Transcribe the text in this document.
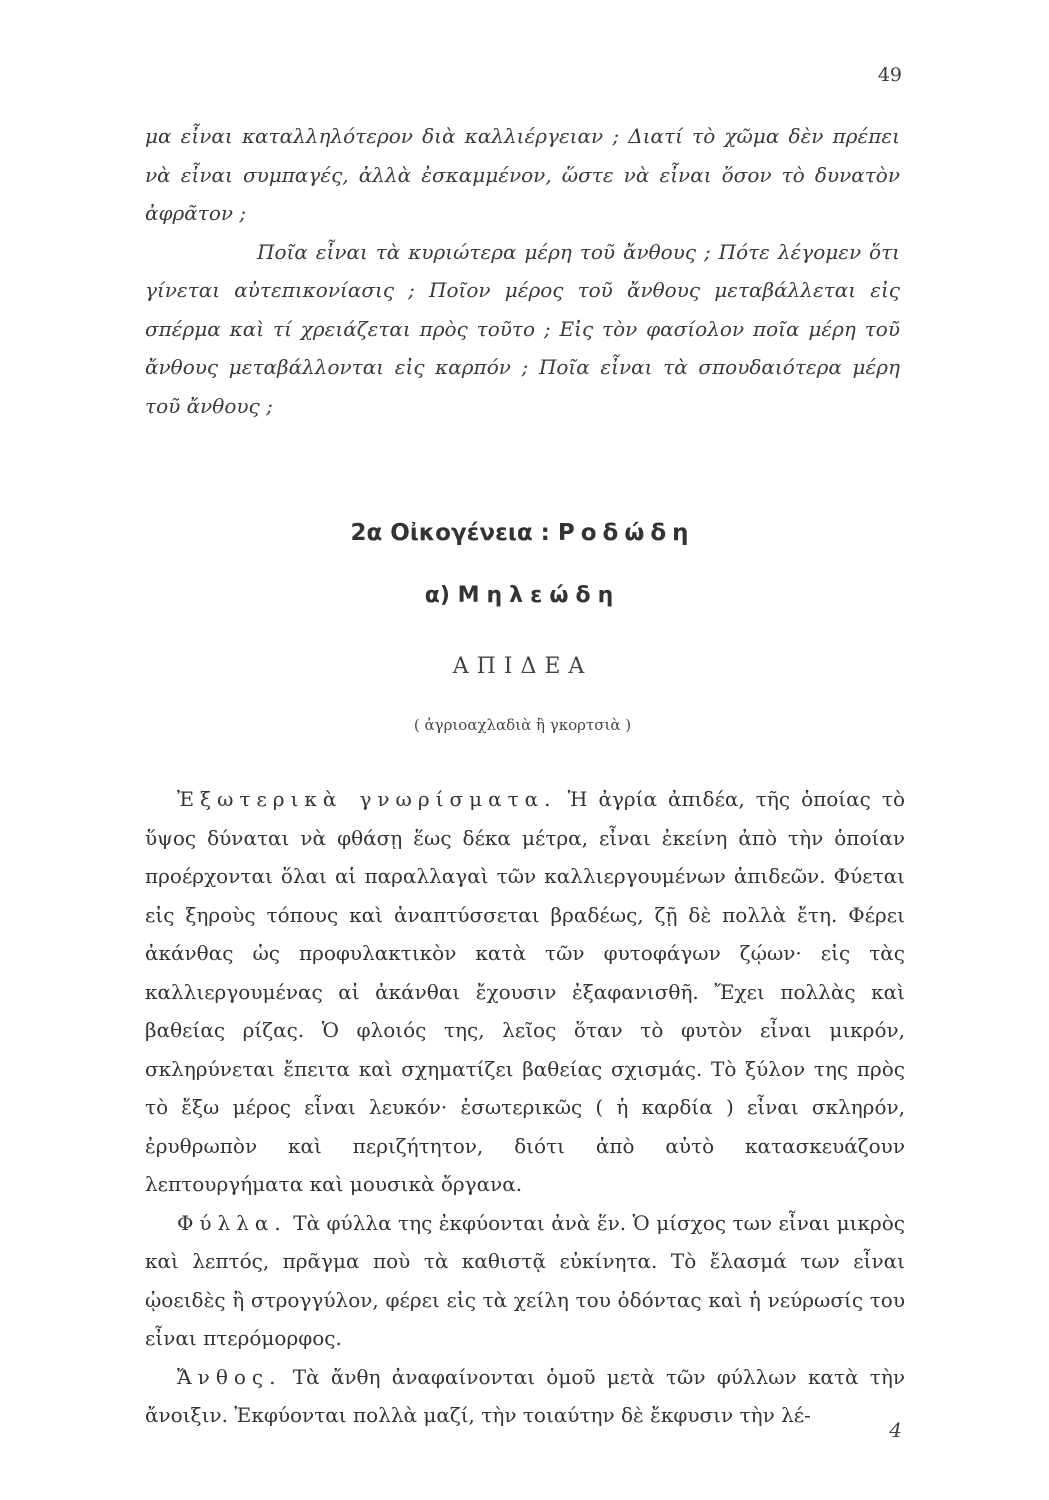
49

μα εἶναι καταλληλότερον διὰ καλλιέργειαν ; Διατί τὸ χῶμα δὲν πρέπει νὰ εἶναι συμπαγές, ἀλλὰ ἐσκαμμένον, ὥστε νὰ εἶναι ὅσον τὸ δυνατὸν ἀφρᾶτον ;

Ποῖα εἶναι τὰ κυριώτερα μέρη τοῦ ἄνθους ; Πότε λέγομεν ὅτι γίνεται αὐτεπικονίασις ; Ποῖον μέρος τοῦ ἄνθους μεταβάλλεται εἰς σπέρμα καὶ τί χρειάζεται πρὸς τοῦτο ; Εἰς τὸν φασίολον ποῖα μέρη τοῦ ἄνθους μεταβάλλονται εἰς καρπόν ; Ποῖα εἶναι τὰ σπουδαιότερα μέρη τοῦ ἄνθους ;

2α Οἰκογένεια : Ροδώδη
α) Μηλεώδη
ΑΠΙΔΕΑ
( ἀγριοαχλαδιὰ ἢ γκορτσιὰ )

Ἐξωτερικὰ γνωρίσματα. Ἡ ἀγρία ἀπιδέα, τῆς ὁποίας τὸ ὕψος δύναται νὰ φθάσῃ ἕως δέκα μέτρα, εἶναι ἐκείνη ἀπὸ τὴν ὁποίαν προέρχονται ὅλαι αἱ παραλλαγαὶ τῶν καλλιεργουμένων ἀπιδεῶν. Φύεται εἰς ξηροὺς τόπους καὶ ἀναπτύσσεται βραδέως, ζῇ δὲ πολλὰ ἔτη. Φέρει ἀκάνθας ὡς προφυλακτικὸν κατὰ τῶν φυτοφάγων ζῴων· εἰς τὰς καλλιεργουμένας αἱ ἀκάνθαι ἔχουσιν ἐξαφανισθῆ. Ἔχει πολλὰς καὶ βαθείας ρίζας. Ὁ φλοιός της, λεῖος ὅταν τὸ φυτὸν εἶναι μικρόν, σκληρύνεται ἔπειτα καὶ σχηματίζει βαθείας σχισμάς. Τὸ ξύλον της πρὸς τὸ ἔξω μέρος εἶναι λευκόν· ἐσωτερικῶς ( ἡ καρδία ) εἶναι σκληρόν, ἐρυθρωπὸν καὶ περιζήτητον, διότι ἀπὸ αὐτὸ κατασκευάζουν λεπτουργήματα καὶ μουσικὰ ὄργανα.

Φύλλα. Τὰ φύλλα της ἐκφύονται ἀνὰ ἕν. Ὁ μίσχος των εἶναι μικρὸς καὶ λεπτός, πρᾶγμα ποὺ τὰ καθιστᾷ εὐκίνητα. Τὸ ἔλασμά των εἶναι ᾠοειδὲς ἢ στρογγύλον, φέρει εἰς τὰ χείλη του ὀδόντας καὶ ἡ νεύρωσίς του εἶναι πτερόμορφος.

Ἄνθος. Τὰ ἄνθη ἀναφαίνονται ὁμοῦ μετὰ τῶν φύλλων κατὰ τὴν ἄνοιξιν. Ἐκφύονται πολλὰ μαζί, τὴν τοιαύτην δὲ ἔκφυσιν τὴν λέ-

4
